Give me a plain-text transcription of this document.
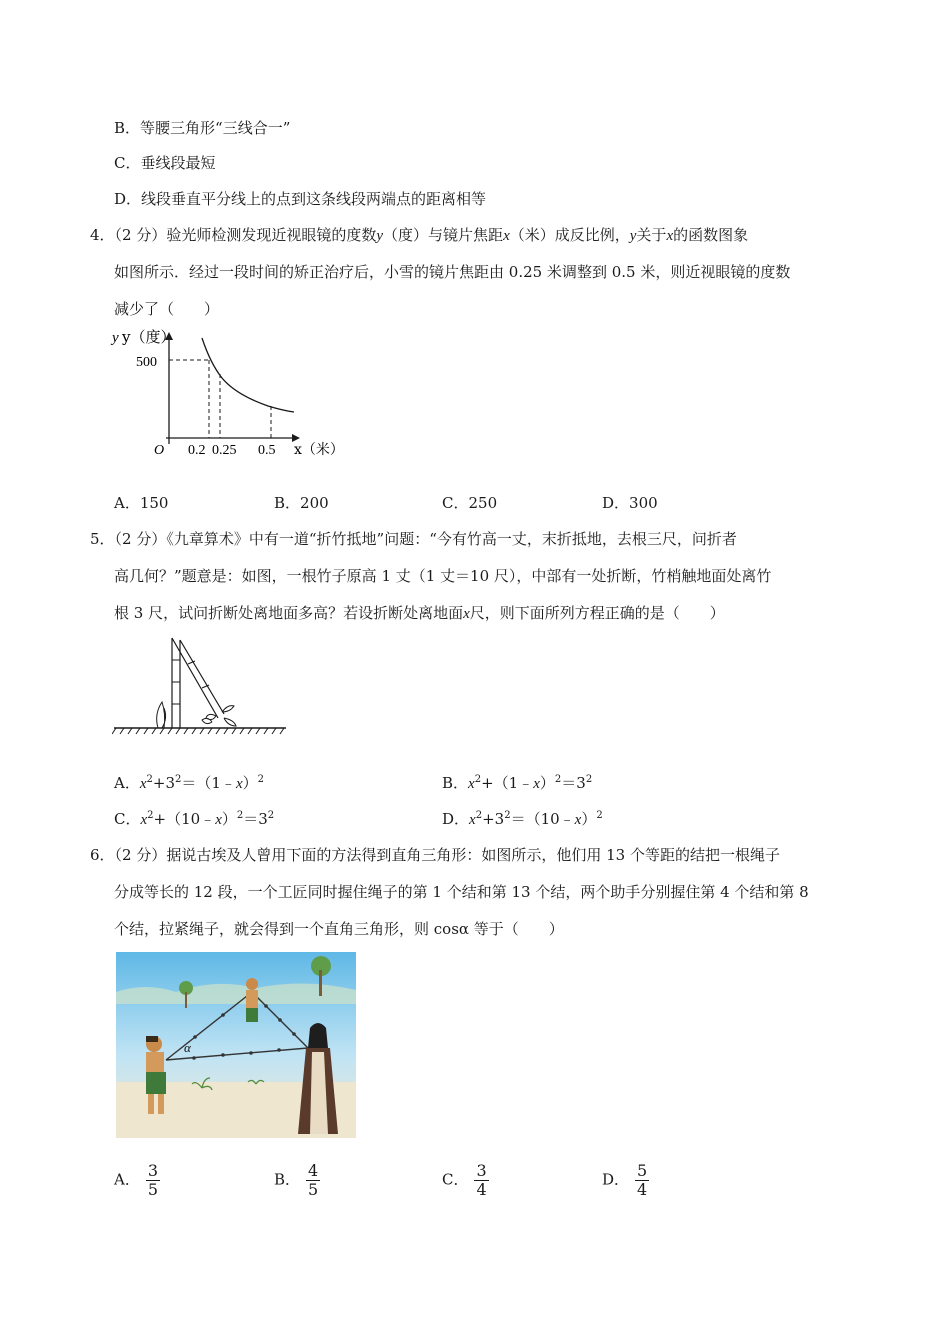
B．等腰三角形“三线合一”
C．垂线段最短
D．线段垂直平分线上的点到这条线段两端点的距离相等
4．（2 分）验光师检测发现近视眼镜的度数y（度）与镜片焦距x（米）成反比例，y关于x的函数图象
如图所示．经过一段时间的矫正治疗后，小雪的镜片焦距由 0.25 米调整到 0.5 米，则近视眼镜的度数
减少了（　　）
y y（度）
500
O 0.2 0.25 0.5 x（米）
A．150	B．200	C．250	D．300
5．（2 分）《九章算术》中有一道“折竹抵地”问题：“今有竹高一丈，末折抵地，去根三尺，问折者
高几何？”题意是：如图，一根竹子原高 1 丈（1 丈＝10 尺），中部有一处折断，竹梢触地面处离竹
根 3 尺，试问折断处离地面多高？若设折断处离地面x尺，则下面所列方程正确的是（　　）
A．$x^2+3^2=(1﹣x)^2$	B．$x^2+(1﹣x)^2=3^2$
C．$x^2+(10﹣x)^2=3^2$	D．$x^2+3^2=(10﹣x)^2$
6．（2 分）据说古埃及人曾用下面的方法得到直角三角形：如图所示，他们用 13 个等距的结把一根绳子
分成等长的 12 段，一个工匠同时握住绳子的第 1 个结和第 13 个结，两个助手分别握住第 4 个结和第 8
个结，拉紧绳子，就会得到一个直角三角形，则 cosα 等于（　　）
α
A． $\frac{3}{5}$	B． $\frac{4}{5}$	C． $\frac{3}{4}$	D． $\frac{5}{4}$
